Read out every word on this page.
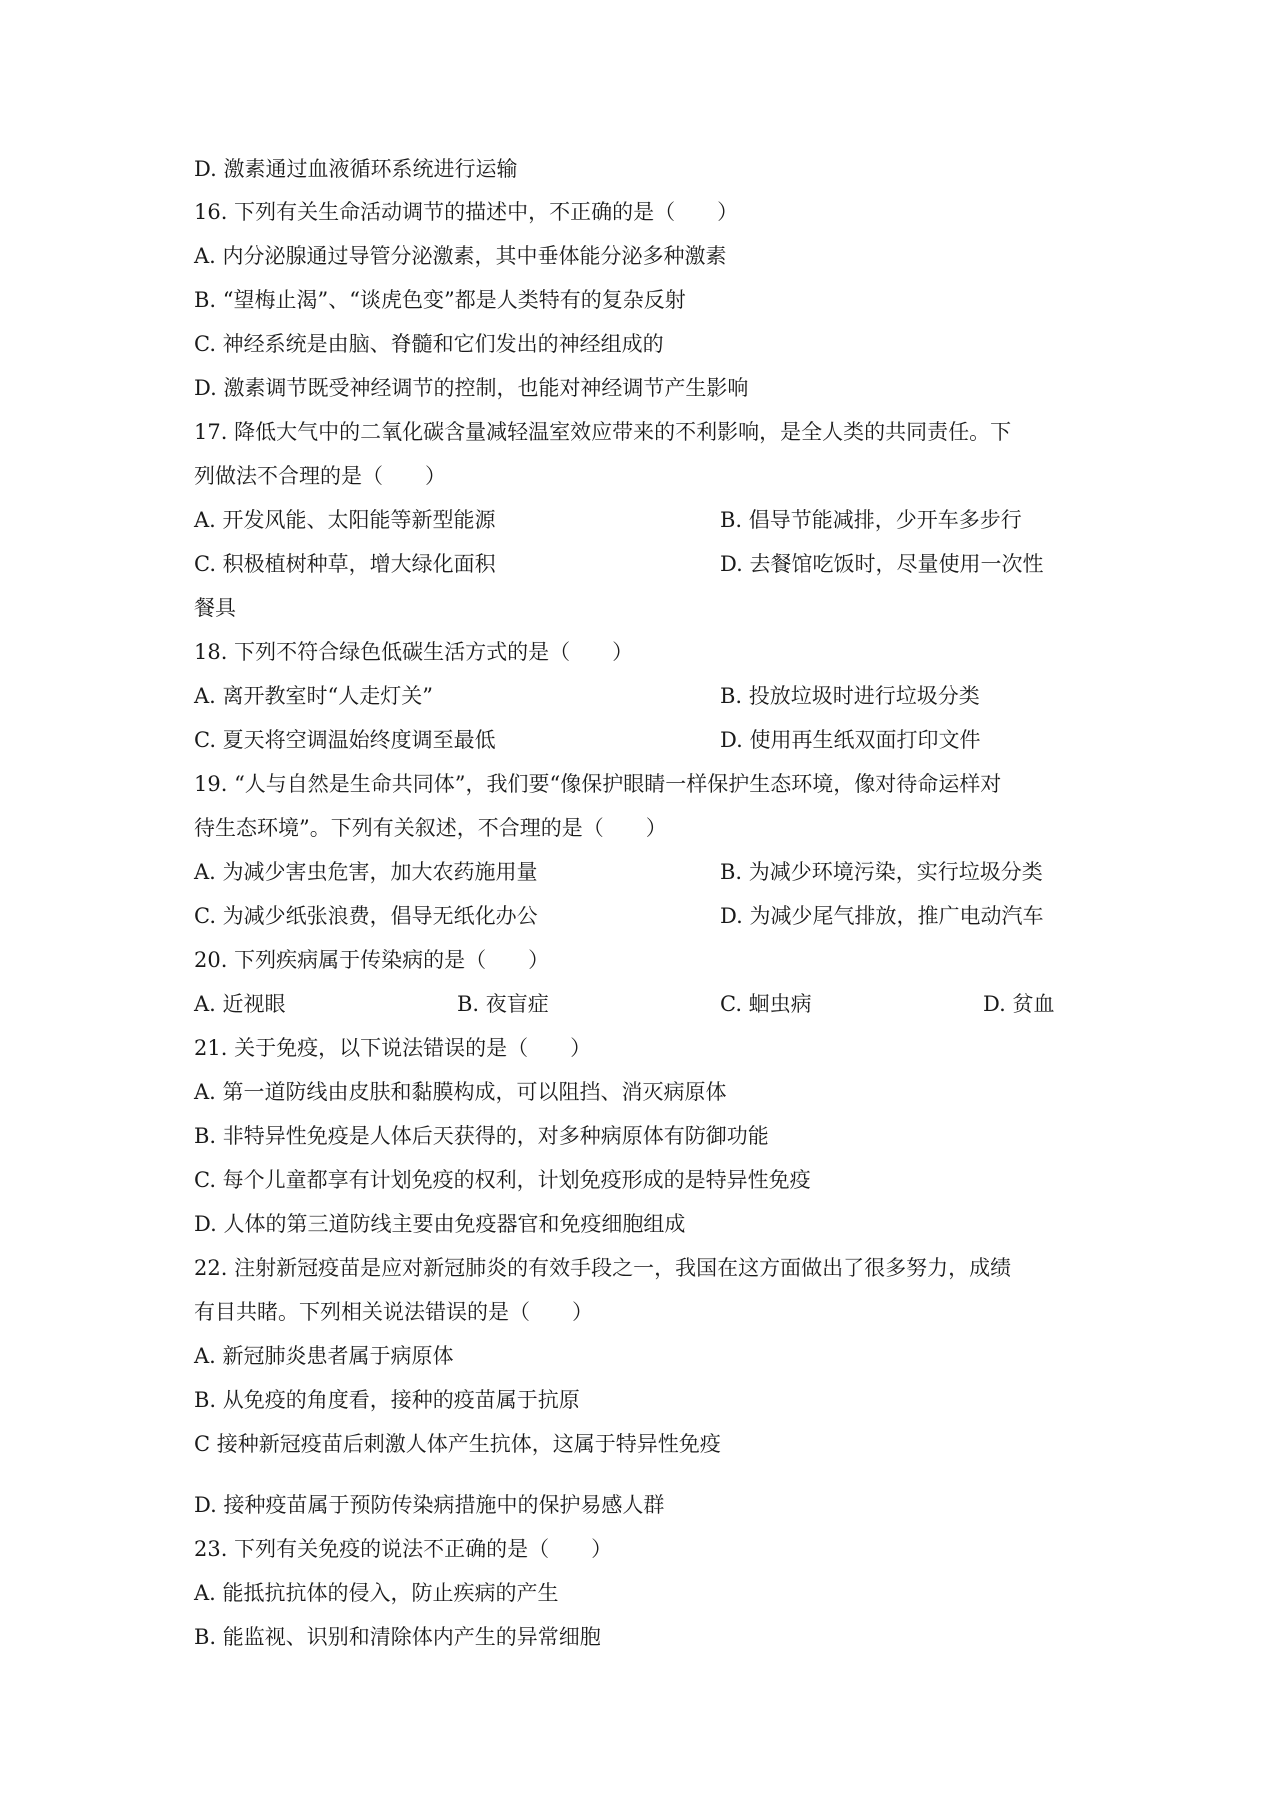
D. 激素通过血液循环系统进行运输
16. 下列有关生命活动调节的描述中，不正确的是（　　）
A. 内分泌腺通过导管分泌激素，其中垂体能分泌多种激素
B. “望梅止渴”、“谈虎色变”都是人类特有的复杂反射
C. 神经系统是由脑、脊髓和它们发出的神经组成的
D. 激素调节既受神经调节的控制，也能对神经调节产生影响
17. 降低大气中的二氧化碳含量减轻温室效应带来的不利影响，是全人类的共同责任。下
列做法不合理的是（　　）
A. 开发风能、太阳能等新型能源	B. 倡导节能减排，少开车多步行
C. 积极植树种草，增大绿化面积	D. 去餐馆吃饭时，尽量使用一次性
餐具
18. 下列不符合绿色低碳生活方式的是（　　）
A. 离开教室时“人走灯关”	B. 投放垃圾时进行垃圾分类
C. 夏天将空调温始终度调至最低	D. 使用再生纸双面打印文件
19. “人与自然是生命共同体”，我们要“像保护眼睛一样保护生态环境，像对待命运样对
待生态环境”。下列有关叙述，不合理的是（　　）
A. 为减少害虫危害，加大农药施用量	B. 为减少环境污染，实行垃圾分类
C. 为减少纸张浪费，倡导无纸化办公	D. 为减少尾气排放，推广电动汽车
20. 下列疾病属于传染病的是（　　）
A. 近视眼	B. 夜盲症	C. 蛔虫病	D. 贫血
21. 关于免疫，以下说法错误的是（　　）
A. 第一道防线由皮肤和黏膜构成，可以阻挡、消灭病原体
B. 非特异性免疫是人体后天获得的，对多种病原体有防御功能
C. 每个儿童都享有计划免疫的权利，计划免疫形成的是特异性免疫
D. 人体的第三道防线主要由免疫器官和免疫细胞组成
22. 注射新冠疫苗是应对新冠肺炎的有效手段之一，我国在这方面做出了很多努力，成绩
有目共睹。下列相关说法错误的是（　　）
A. 新冠肺炎患者属于病原体
B. 从免疫的角度看，接种的疫苗属于抗原
C 接种新冠疫苗后刺激人体产生抗体，这属于特异性免疫
D. 接种疫苗属于预防传染病措施中的保护易感人群
23. 下列有关免疫的说法不正确的是（　　）
A. 能抵抗抗体的侵入，防止疾病的产生
B. 能监视、识别和清除体内产生的异常细胞
